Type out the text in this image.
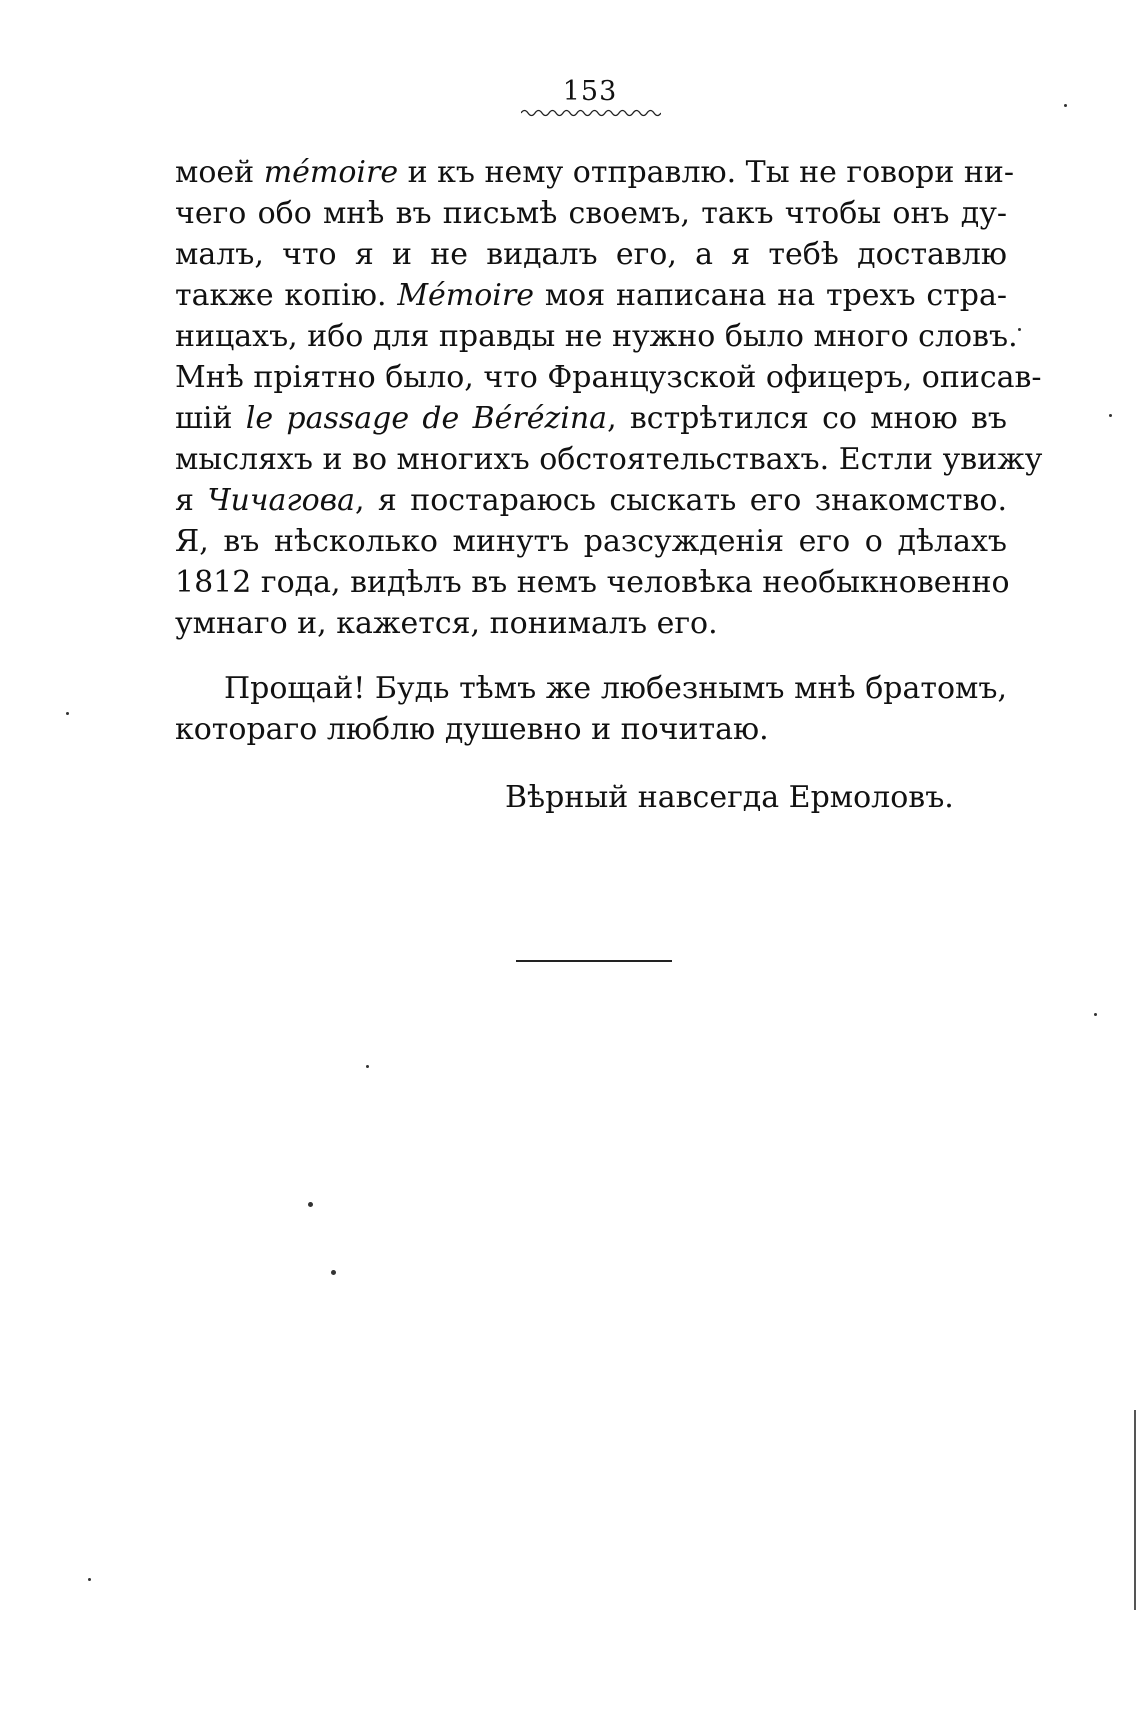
153
моей mémoire и къ нему отправлю. Ты не говори ни-
чего обо мнѣ въ письмѣ своемъ, такъ чтобы онъ ду-
малъ, что я и не видалъ его, а я тебѣ доставлю
также копію. Mémoire моя написана на трехъ стра-
ницахъ, ибо для правды не нужно было много словъ.
Мнѣ пріятно было, что Французской офицеръ, описав-
шій le passage de Bérézina, встрѣтился со мною въ
мысляхъ и во многихъ обстоятельствахъ. Естли увижу
я Чичагова, я постараюсь сыскать его знакомство.
Я, въ нѣсколько минутъ разсужденія его о дѣлахъ
1812 года, видѣлъ въ немъ человѣка необыкновенно
умнаго и, кажется, понималъ его.
Прощай! Будь тѣмъ же любезнымъ мнѣ братомъ,
котораго люблю душевно и почитаю.
Вѣрный навсегда Ермоловъ.
